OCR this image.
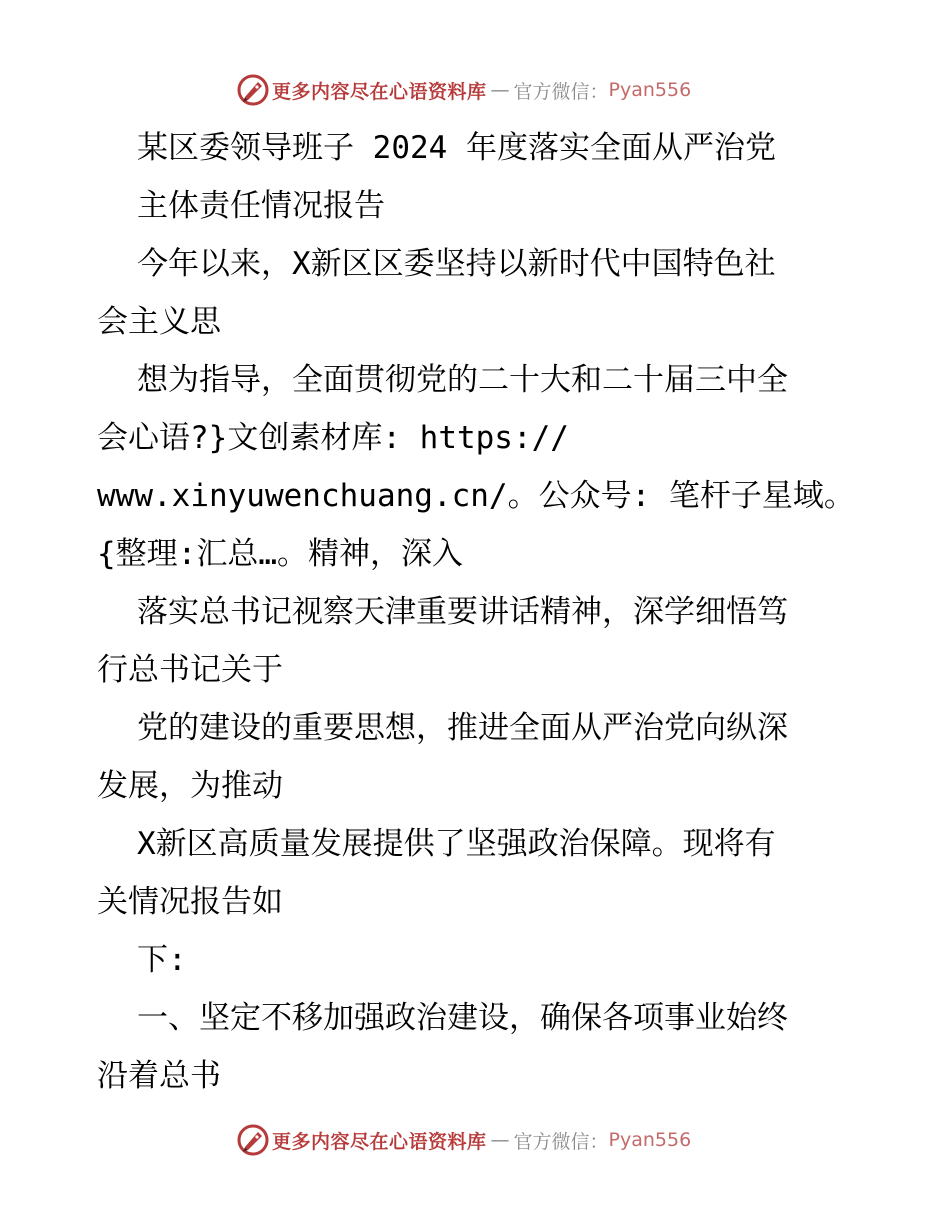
更多内容尽在心语资料库 — 官方微信： Pyan556
某区委领导班子 2024 年度落实全面从严治党
主体责任情况报告
今年以来，X新区区委坚持以新时代中国特色社
会主义思
想为指导，全面贯彻党的二十大和二十届三中全
会心语?}文创素材库: https://
www.xinyuwenchuang.cn/。公众号: 笔杆子星域。
{整理:汇总…。精神，深入
落实总书记视察天津重要讲话精神，深学细悟笃
行总书记关于
党的建设的重要思想，推进全面从严治党向纵深
发展，为推动
X新区高质量发展提供了坚强政治保障。现将有
关情况报告如
下:
一、坚定不移加强政治建设，确保各项事业始终
沿着总书
更多内容尽在心语资料库 — 官方微信： Pyan556
